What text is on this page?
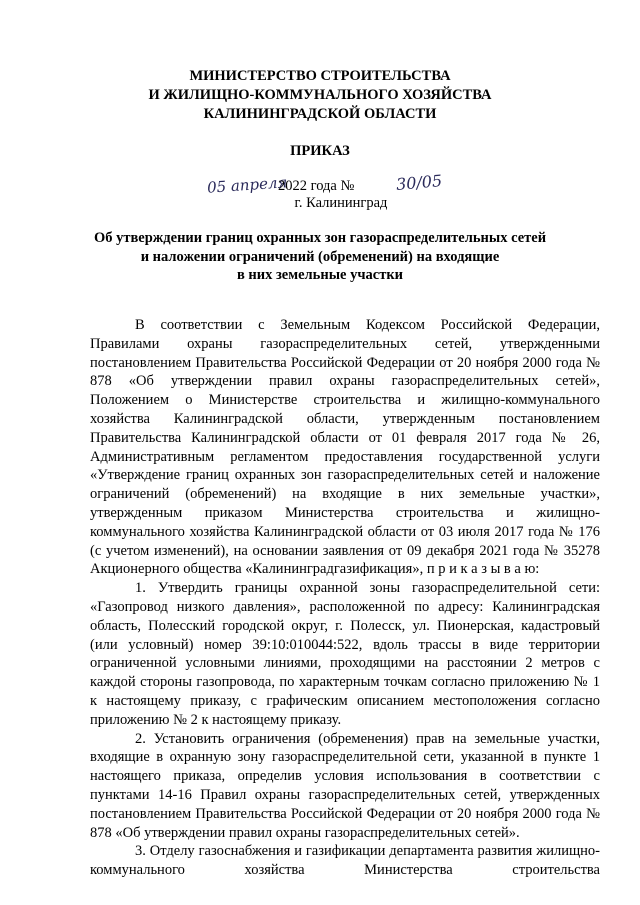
МИНИСТЕРСТВО СТРОИТЕЛЬСТВА
И ЖИЛИЩНО-КОММУНАЛЬНОГО ХОЗЯЙСТВА
КАЛИНИНГРАДСКОЙ ОБЛАСТИ
ПРИКАЗ
05 апреля
2022 года №	30/05
г. Калининград
Об утверждении границ охранных зон газораспределительных сетей
и наложении ограничений (обременений) на входящие
в них земельные участки

В соответствии с Земельным Кодексом Российской Федерации, Правилами охраны газораспределительных сетей, утвержденными постановлением Правительства Российской Федерации от 20 ноября 2000 года № 878 «Об утверждении правил охраны газораспределительных сетей», Положением о Министерстве строительства и жилищно-коммунального хозяйства Калининградской области, утвержденным постановлением Правительства Калининградской области от 01 февраля 2017 года № 26, Административным регламентом предоставления государственной услуги «Утверждение границ охранных зон газораспределительных сетей и наложение ограничений (обременений) на входящие в них земельные участки», утвержденным приказом Министерства строительства и жилищно-коммунального хозяйства Калининградской области от 03 июля 2017 года № 176 (с учетом изменений), на основании заявления от 09 декабря 2021 года № 35278 Акционерного общества «Калининградгазификация», п р и к а з ы в а ю:

1. Утвердить границы охранной зоны газораспределительной сети: «Газопровод низкого давления», расположенной по адресу: Калининградская область, Полесский городской округ, г. Полесск, ул. Пионерская, кадастровый (или условный) номер 39:10:010044:522, вдоль трассы в виде территории ограниченной условными линиями, проходящими на расстоянии 2 метров с каждой стороны газопровода, по характерным точкам согласно приложению № 1 к настоящему приказу, с графическим описанием местоположения согласно приложению № 2 к настоящему приказу.

2. Установить ограничения (обременения) прав на земельные участки, входящие в охранную зону газораспределительной сети, указанной в пункте 1 настоящего приказа, определив условия использования в соответствии с пунктами 14-16 Правил охраны газораспределительных сетей, утвержденных постановлением Правительства Российской Федерации от 20 ноября 2000 года № 878 «Об утверждении правил охраны газораспределительных сетей».

3. Отделу газоснабжения и газификации департамента развития жилищно-коммунального хозяйства Министерства строительства
